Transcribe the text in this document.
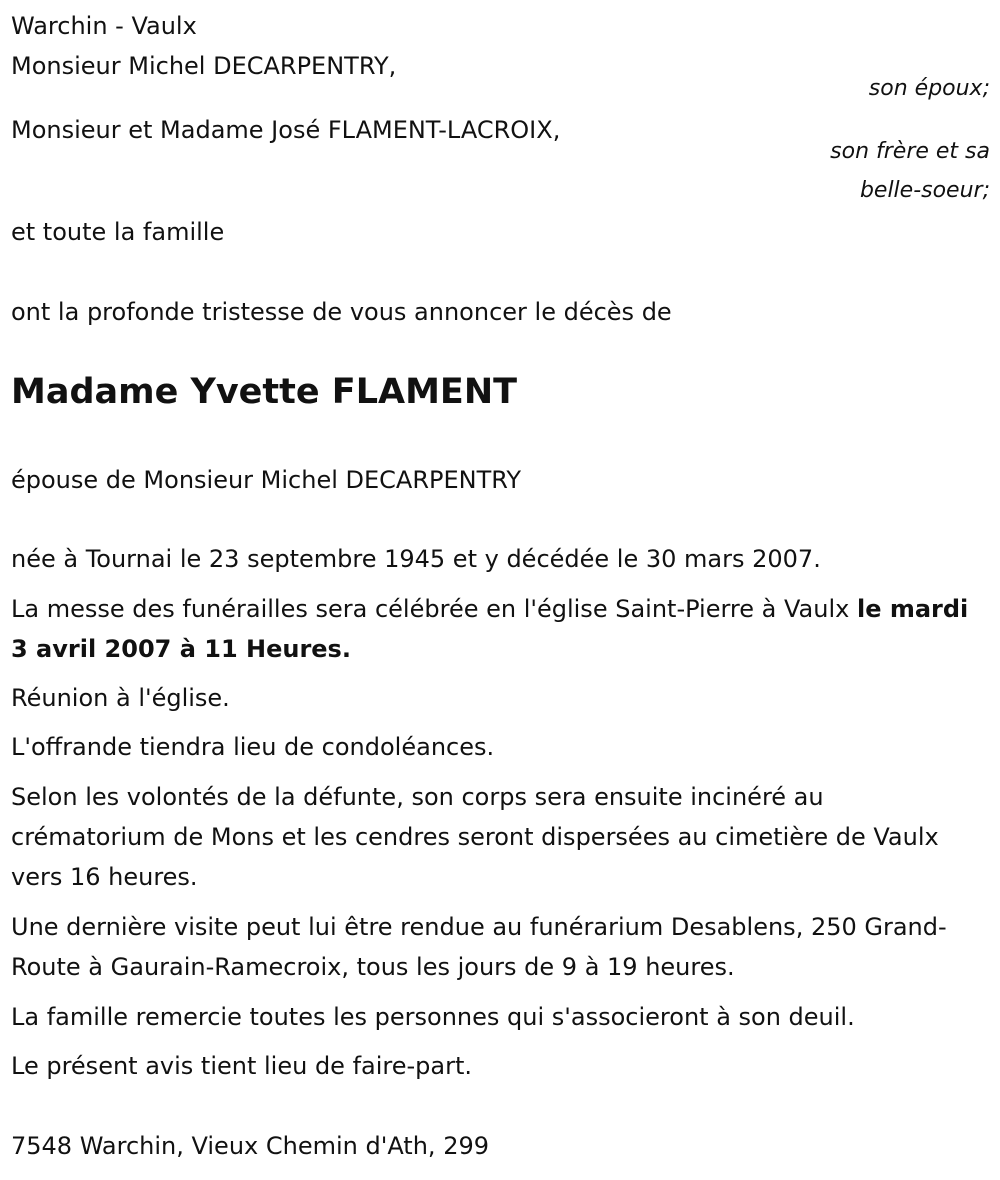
Warchin - Vaulx
Monsieur Michel DECARPENTRY,
son époux;
Monsieur et Madame José FLAMENT-LACROIX,
son frère et sa
belle-soeur;
et toute la famille
ont la profonde tristesse de vous annoncer le décès de
Madame Yvette FLAMENT
épouse de Monsieur Michel DECARPENTRY
née à Tournai le 23 septembre 1945 et y décédée le 30 mars 2007.
La messe des funérailles sera célébrée en l'église Saint-Pierre à Vaulx le mardi 3 avril 2007 à 11 Heures.
Réunion à l'église.
L'offrande tiendra lieu de condoléances.
Selon les volontés de la défunte, son corps sera ensuite incinéré au crématorium de Mons et les cendres seront dispersées au cimetière de Vaulx vers 16 heures.
Une dernière visite peut lui être rendue au funérarium Desablens, 250 Grand-Route à Gaurain-Ramecroix, tous les jours de 9 à 19 heures.
La famille remercie toutes les personnes qui s'associeront à son deuil.
Le présent avis tient lieu de faire-part.
7548 Warchin, Vieux Chemin d'Ath, 299
